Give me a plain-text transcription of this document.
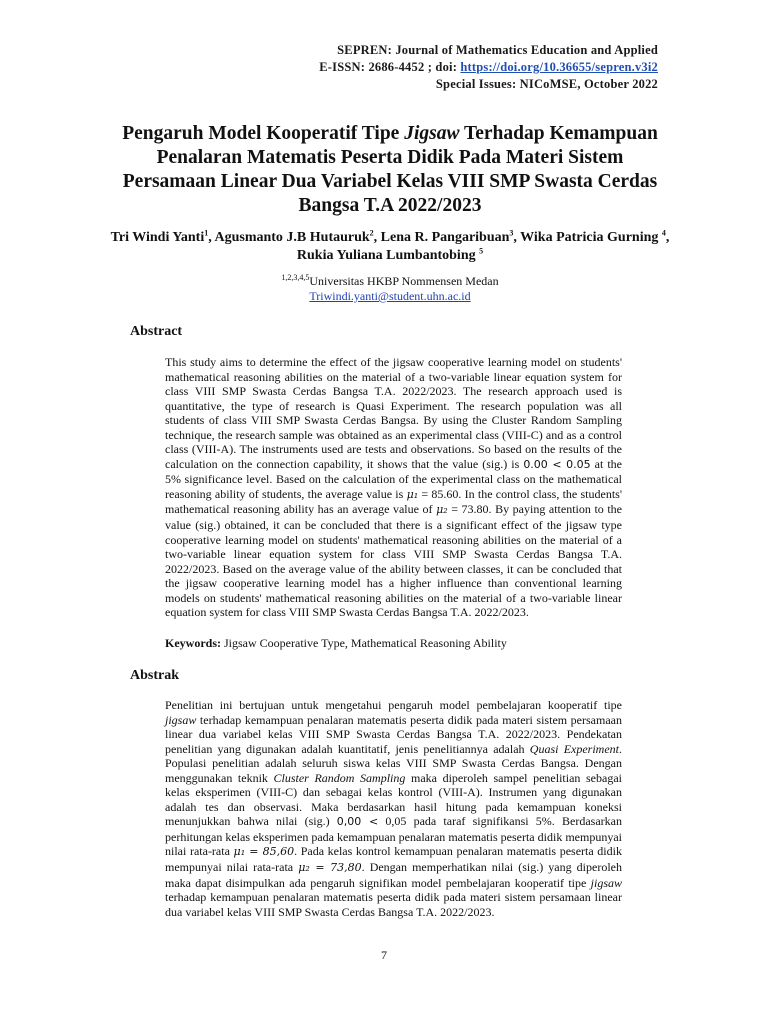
SEPREN: Journal of Mathematics Education and Applied
E-ISSN: 2686-4452 ; doi: https://doi.org/10.36655/sepren.v3i2
Special Issues: NICoMSE, October 2022
Pengaruh Model Kooperatif Tipe Jigsaw Terhadap Kemampuan Penalaran Matematis Peserta Didik Pada Materi Sistem Persamaan Linear Dua Variabel Kelas VIII SMP Swasta Cerdas Bangsa T.A 2022/2023
Tri Windi Yanti$^1$, Agusmanto J.B Hutauruk$^2$, Lena R. Pangaribuan$^3$, Wika Patricia Gurning $^4$, Rukia Yuliana Lumbantobing $^5$
$^{1,2,3,4,5}$Universitas HKBP Nommensen Medan
Triwindi.yanti@student.uhn.ac.id
Abstract
This study aims to determine the effect of the jigsaw cooperative learning model on students' mathematical reasoning abilities on the material of a two-variable linear equation system for class VIII SMP Swasta Cerdas Bangsa T.A. 2022/2023. The research approach used is quantitative, the type of research is Quasi Experiment. The research population was all students of class VIII SMP Swasta Cerdas Bangsa. By using the Cluster Random Sampling technique, the research sample was obtained as an experimental class (VIII-C) and as a control class (VIII-A). The instruments used are tests and observations. So based on the results of the calculation on the connection capability, it shows that the value (sig.) is 0.00 < 0.05 at the 5% significance level. Based on the calculation of the experimental class on the mathematical reasoning ability of students, the average value is μ₁ = 85.60. In the control class, the students' mathematical reasoning ability has an average value of μ₂ = 73.80. By paying attention to the value (sig.) obtained, it can be concluded that there is a significant effect of the jigsaw type cooperative learning model on students' mathematical reasoning abilities on the material of a two-variable linear equation system for class VIII SMP Swasta Cerdas Bangsa T.A. 2022/2023. Based on the average value of the ability between classes, it can be concluded that the jigsaw cooperative learning model has a higher influence than conventional learning models on students' mathematical reasoning abilities on the material of a two-variable linear equation system for class VIII SMP Swasta Cerdas Bangsa T.A. 2022/2023.
Keywords: Jigsaw Cooperative Type, Mathematical Reasoning Ability
Abstrak
Penelitian ini bertujuan untuk mengetahui pengaruh model pembelajaran kooperatif tipe jigsaw terhadap kemampuan penalaran matematis peserta didik pada materi sistem persamaan linear dua variabel kelas VIII SMP Swasta Cerdas Bangsa T.A. 2022/2023. Pendekatan penelitian yang digunakan adalah kuantitatif, jenis penelitiannya adalah Quasi Experiment. Populasi penelitian adalah seluruh siswa kelas VIII SMP Swasta Cerdas Bangsa. Dengan menggunakan teknik Cluster Random Sampling maka diperoleh sampel penelitian sebagai kelas eksperimen (VIII-C) dan sebagai kelas kontrol (VIII-A). Instrumen yang digunakan adalah tes dan observasi. Maka berdasarkan hasil hitung pada kemampuan koneksi menunjukkan bahwa nilai (sig.) 0,00 < 0,05 pada taraf signifikansi 5%. Berdasarkan perhitungan kelas eksperimen pada kemampuan penalaran matematis peserta didik mempunyai nilai rata-rata μ₁ = 85,60. Pada kelas kontrol kemampuan penalaran matematis peserta didik mempunyai nilai rata-rata μ₂ = 73,80. Dengan memperhatikan nilai (sig.) yang diperoleh maka dapat disimpulkan ada pengaruh signifikan model pembelajaran kooperatif tipe jigsaw terhadap kemampuan penalaran matematis peserta didik pada materi sistem persamaan linear dua variabel kelas VIII SMP Swasta Cerdas Bangsa T.A. 2022/2023.
7
